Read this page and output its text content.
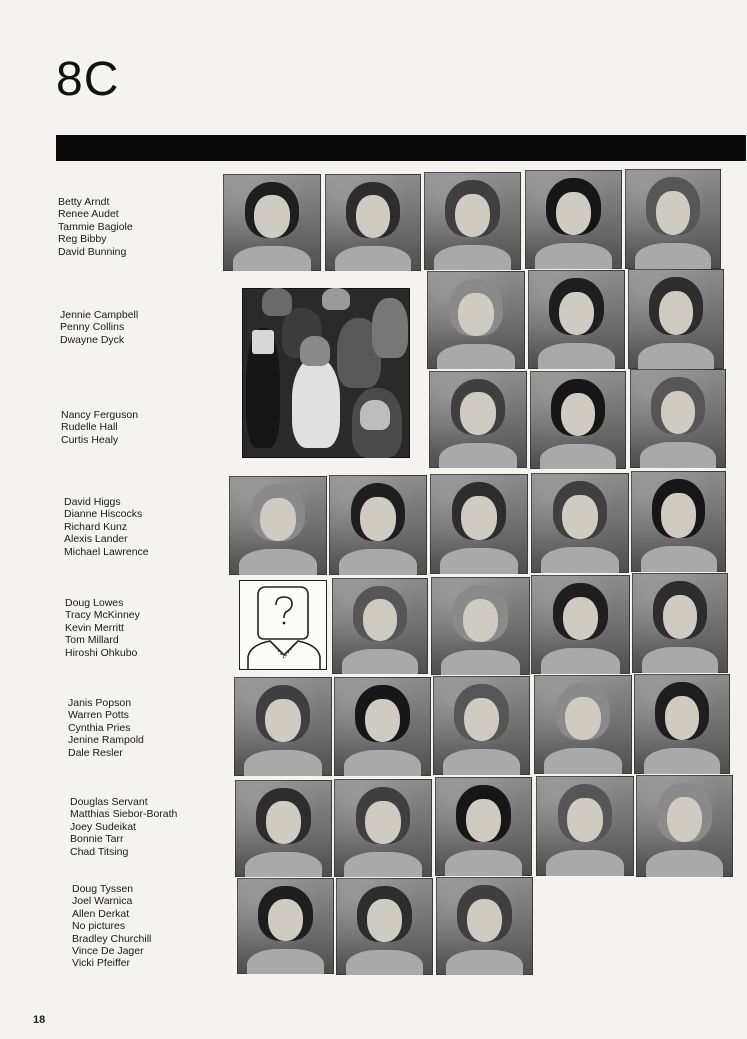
8C
Betty Arndt
Renee Audet
Tammie Bagiole
Reg Bibby
David Bunning
Jennie Campbell
Penny Collins
Dwayne Dyck
Nancy Ferguson
Rudelle Hall
Curtis Healy
David Higgs
Dianne Hiscocks
Richard Kunz
Alexis Lander
Michael Lawrence
Doug Lowes
Tracy McKinney
Kevin Merritt
Tom Millard
Hiroshi Ohkubo
Janis Popson
Warren Potts
Cynthia Pries
Jenine Rampold
Dale Resler
Douglas Servant
Matthias Siebor-Borath
Joey Sudeikat
Bonnie Tarr
Chad Titsing
Doug Tyssen
Joel Warnica
Allen Derkat
No pictures
Bradley Churchill
Vince De Jager
Vicki Pfeiffer
18
